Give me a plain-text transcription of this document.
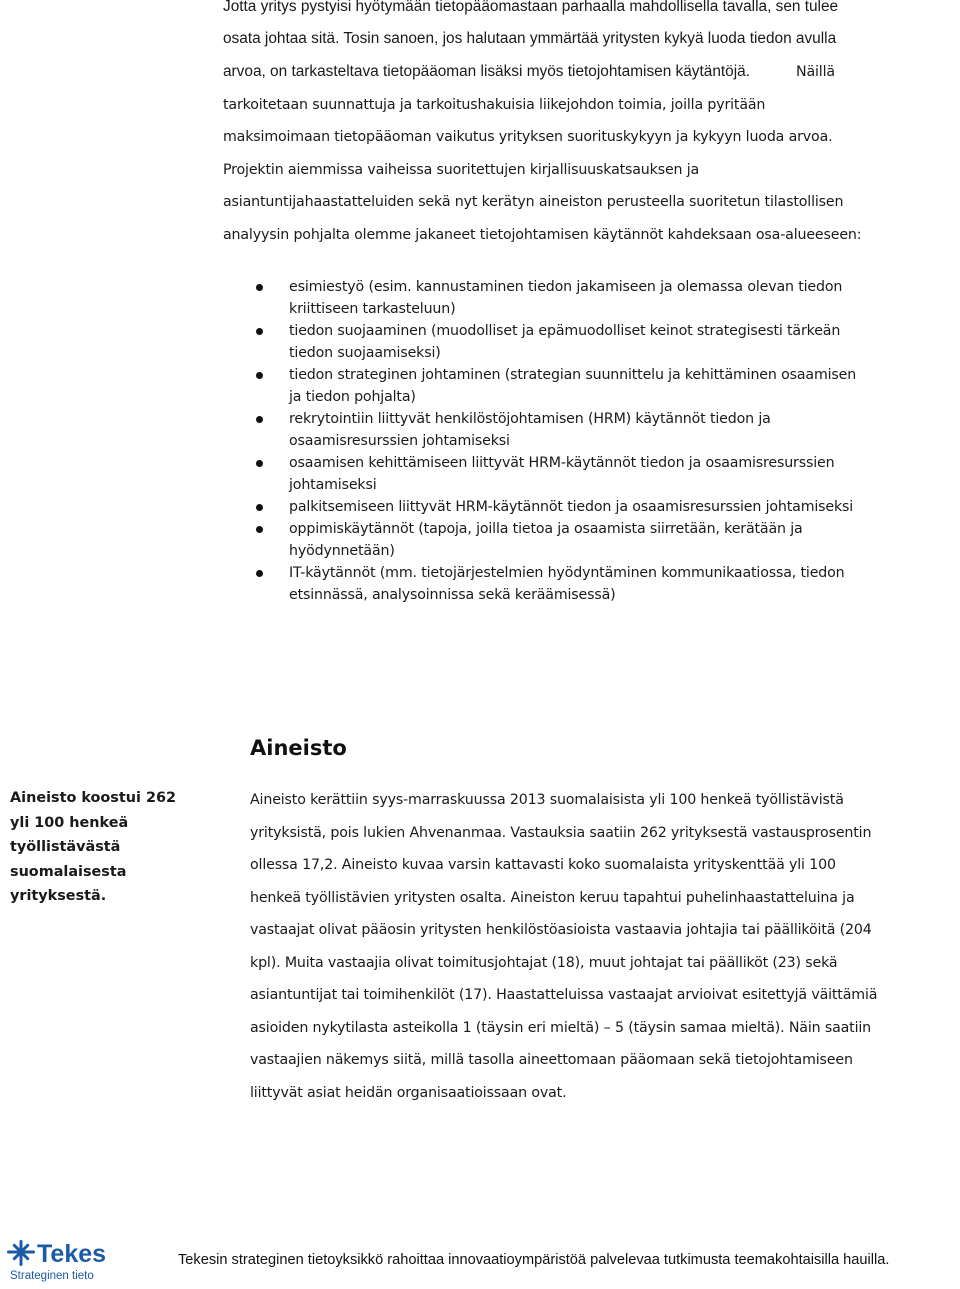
Jotta yritys pystyisi hyötymään tietopääomastaan parhaalla mahdollisella tavalla, sen tulee
osata johtaa sitä. Tosin sanoen, jos halutaan ymmärtää yritysten kykyä luoda tiedon avulla
arvoa, on tarkasteltava tietopääoman lisäksi myös tietojohtamisen käytäntöjä.	Näillä
tarkoitetaan suunnattuja ja tarkoitushakuisia liikejohdon toimia, joilla pyritään
maksimoimaan tietopääoman vaikutus yrityksen suorituskykyyn ja kykyyn luoda arvoa.
Projektin aiemmissa vaiheissa suoritettujen kirjallisuuskatsauksen ja
asiantuntijahaastatteluiden sekä nyt kerätyn aineiston perusteella suoritetun tilastollisen
analyysin pohjalta olemme jakaneet tietojohtamisen käytännöt kahdeksaan osa-alueeseen:
esimiestyö (esim. kannustaminen tiedon jakamiseen ja olemassa olevan tiedon
kriittiseen tarkasteluun)
tiedon suojaaminen (muodolliset ja epämuodolliset keinot strategisesti tärkeän
tiedon suojaamiseksi)
tiedon strateginen johtaminen (strategian suunnittelu ja kehittäminen osaamisen
ja tiedon pohjalta)
rekrytointiin liittyvät henkilöstöjohtamisen (HRM) käytännöt tiedon ja
osaamisresurssien johtamiseksi
osaamisen kehittämiseen liittyvät HRM-käytännöt tiedon ja osaamisresurssien
johtamiseksi
palkitsemiseen liittyvät HRM-käytännöt tiedon ja osaamisresurssien johtamiseksi
oppimiskäytännöt (tapoja, joilla tietoa ja osaamista siirretään, kerätään ja
hyödynnetään)
IT-käytännöt (mm. tietojärjestelmien hyödyntäminen kommunikaatiossa, tiedon
etsinnässä, analysoinnissa sekä keräämisessä)
Aineisto
Aineisto koostui 262
yli 100 henkeä
työllistävästä
suomalaisesta
yrityksestä.
Aineisto kerättiin syys-marraskuussa 2013 suomalaisista yli 100 henkeä työllistävistä
yrityksistä, pois lukien Ahvenanmaa. Vastauksia saatiin 262 yrityksestä vastausprosentin
ollessa 17,2. Aineisto kuvaa varsin kattavasti koko suomalaista yrityskenttää yli 100
henkeä työllistävien yritysten osalta. Aineiston keruu tapahtui puhelinhaastatteluina ja
vastaajat olivat pääosin yritysten henkilöstöasioista vastaavia johtajia tai päälliköitä (204
kpl). Muita vastaajia olivat toimitusjohtajat (18), muut johtajat tai päälliköt (23) sekä
asiantuntijat tai toimihenkilöt (17). Haastatteluissa vastaajat arvioivat esitettyjä väittämiä
asioiden nykytilasta asteikolla 1 (täysin eri mieltä) – 5 (täysin samaa mieltä). Näin saatiin
vastaajien näkemys siitä, millä tasolla aineettomaan pääomaan sekä tietojohtamiseen
liittyvät asiat heidän organisaatioissaan ovat.
Tekes
Strateginen tieto
Tekesin strateginen tietoyksikkö rahoittaa innovaatioympäristöä palvelevaa tutkimusta teemakohtaisilla hauilla.
